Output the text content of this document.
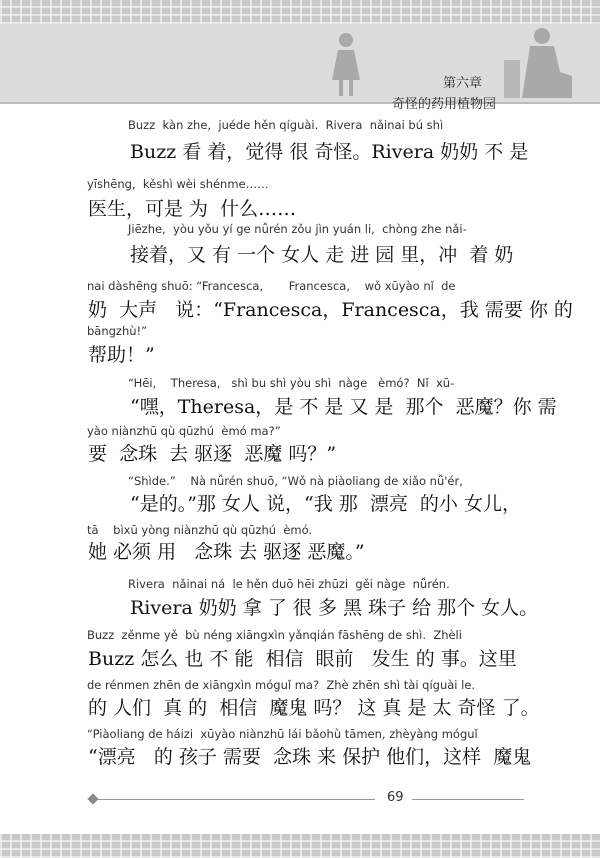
第六章
奇怪的药用植物园
Buzz  kàn zhe,  juéde hěn qíguài.  Rivera  nǎinai bú shì
Buzz 看 着，觉得 很 奇怪。Rivera 奶奶 不 是
yīshēng,  kěshì wèi shénme……
医生，可是 为  什么……
Jiēzhe,  yòu yǒu yí ge nǚrén zǒu jìn yuán li,  chòng zhe nǎi-
接着，又 有 一个 女人 走 进 园 里，冲  着 奶
nai dàshēng shuō: “Francesca,       Francesca,    wǒ xūyào nǐ  de
奶  大声   说：“Francesca，Francesca，我 需要 你 的
bāngzhù!”
帮助！”
“Hēi,    Theresa,   shì bu shì yòu shì  nàge   èmó?  Nǐ  xū-
“嘿，Theresa，是 不 是 又 是  那个  恶魔？你 需
yào niànzhū qù qūzhú  èmó ma?”
要  念珠  去 驱逐  恶魔 吗？”
“Shìde.”    Nà nǚrén shuō, “Wǒ nà piàoliang de xiǎo nǚ'ér,
“是的。”那 女人 说，“我 那  漂亮  的小 女儿，
tā    bìxū yòng niànzhū qù qūzhú  èmó.
她 必须 用   念珠 去 驱逐 恶魔。”
Rivera  nǎinai ná  le hěn duō hēi zhūzi  gěi nàge  nǚrén.
Rivera 奶奶 拿 了 很 多 黑 珠子 给 那个 女人。
Buzz  zěnme yě  bù néng xiāngxìn yǎnqián fāshēng de shì.  Zhèli
Buzz 怎么 也 不 能  相信  眼前   发生 的 事。这里
de rénmen zhēn de xiāngxìn móguǐ ma?  Zhè zhēn shì tài qíguài le.
的 人们  真 的  相信  魔鬼 吗？ 这 真 是 太 奇怪 了。
“Piàoliang de háizi  xūyào niànzhū lái bǎohù tāmen, zhèyàng móguǐ
“漂亮   的 孩子 需要  念珠 来 保护 他们，这样  魔鬼
69
